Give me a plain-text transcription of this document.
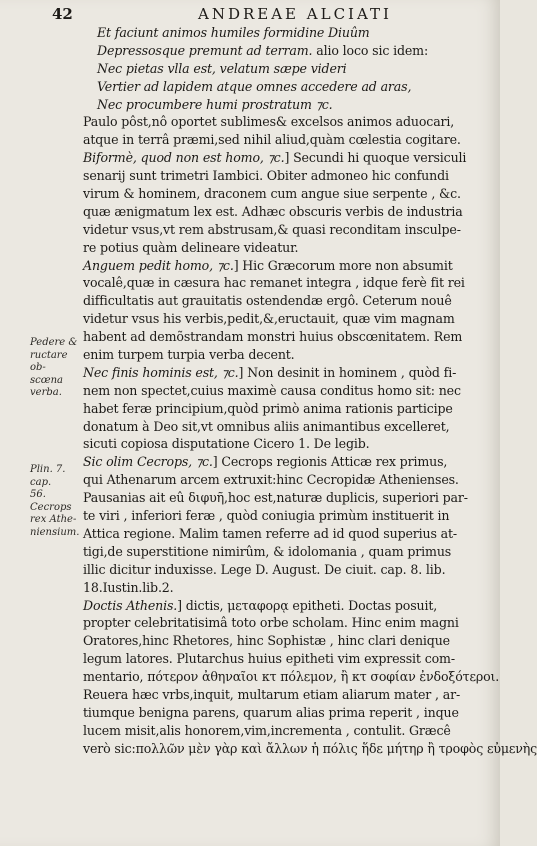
42	ANDREAE ALCIATI
Pedere &
ructare ob-
scœna verba.
Plin. 7. cap.
56.
Cecrops
rex Athe-
niensium.
Et faciunt animos humiles formidine Diuûm
Depressosque premunt ad terram. alio loco sic idem:
Nec pietas vlla est, velatum sæpe videri
Vertier ad lapidem atque omnes accedere ad aras,
Nec procumbere humi prostratum ⁊c.
Paulo pôst,nô oportet sublimes& excelsos animos aduocari,
atque in terrâ præmi,sed nihil aliud,quàm cœlestia cogitare.
Biformè, quod non est homo, ⁊c.] Secundi hi quoque versiculi
senarij sunt trimetri Iambici. Obiter admoneo hic confundi
virum & hominem, draconem cum angue siue serpente , &c.
quæ ænigmatum lex est. Adhæc obscuris verbis de industria
videtur vsus,vt rem abstrusam,& quasi reconditam insculpe-
re potius quàm delineare videatur.
Anguem pedit homo, ⁊c.] Hic Græcorum more non absumit
vocalê,quæ in cæsura hac remanet integra , idque ferè fit rei
difficultatis aut grauitatis ostendendæ ergô. Ceterum nouê
videtur vsus his verbis,pedit,&,eructauit, quæ vim magnam
habent ad demõstrandam monstri huius obscœnitatem. Rem
enim turpem turpia verba decent.
Nec finis hominis est, ⁊c.] Non desinit in hominem , quòd fi-
nem non spectet,cuius maximè causa conditus homo sit: nec
habet feræ principium,quòd primò anima rationis participe
donatum à Deo sit,vt omnibus aliis animantibus excelleret,
sicuti copiosa disputatione Cicero 1. De legib.
Sic olim Cecrops, ⁊c.] Cecrops regionis Atticæ rex primus,
qui Athenarum arcem extruxit:hinc Cecropidæ Athenienses.
Pausanias ait eû διφυῆ,hoc est,naturæ duplicis, superiori par-
te viri , inferiori feræ , quòd coniugia primùm instituerit in
Attica regione. Malim tamen referre ad id quod superius at-
tigi,de superstitione nimirûm, & idolomania , quam primus
illic dicitur induxisse. Lege D. August. De ciuit. cap. 8. lib.
18.Iustin.lib.2.
Doctis Athenis.] dictis, μεταφορᾳ epitheti. Doctas posuit,
propter celebritatisimâ toto orbe scholam. Hinc enim magni
Oratores,hinc Rhetores, hinc Sophistæ , hinc clari denique
legum latores. Plutarchus huius epitheti vim expressit com-
mentario, πότερον ἀθηναῖοι κτ πόλεμον, ἢ κτ σοφίαν ἐνδοξότεροι.
Reuera hæc vrbs,inquit, multarum etiam aliarum mater , ar-
tiumque benigna parens, quarum alias prima reperit , inque
lucem misit,alis honorem,vim,incrementa , contulit. Græcê
verò sic:πολλῶν μὲν γὰρ καὶ ἄλλων ἡ πόλις ἥδε μήτηρ ἢ τροφὸς εὐμενὴς
